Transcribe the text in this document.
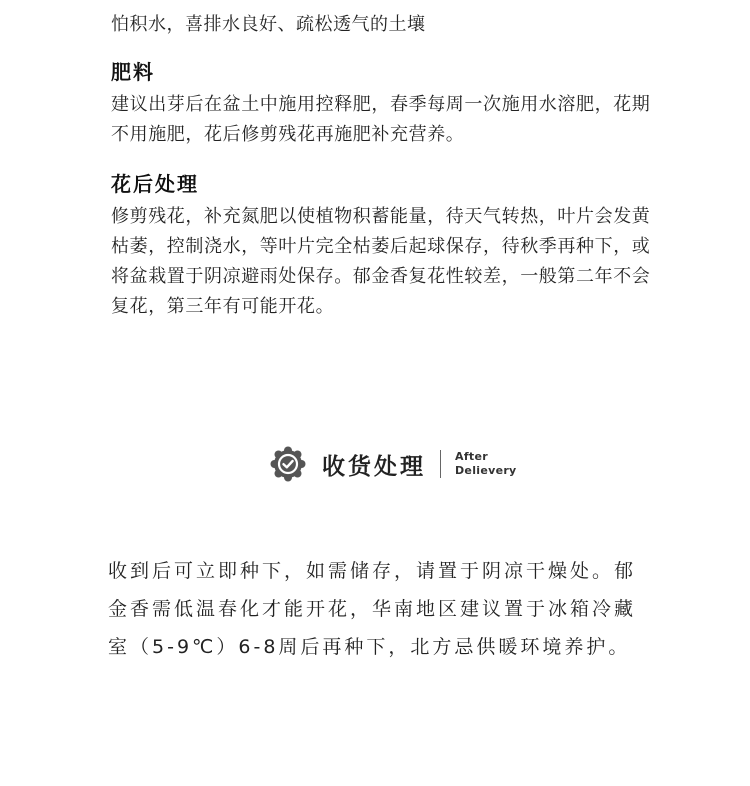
怕积水，喜排水良好、疏松透气的土壤

肥料

建议出芽后在盆土中施用控释肥，春季每周一次施用水溶肥，花期不用施肥，花后修剪残花再施肥补充营养。

花后处理

修剪残花，补充氮肥以使植物积蓄能量，待天气转热，叶片会发黄枯萎，控制浇水，等叶片完全枯萎后起球保存，待秋季再种下，或将盆栽置于阴凉避雨处保存。郁金香复花性较差，一般第二年不会复花，第三年有可能开花。

收货处理	After
Delievery

收到后可立即种下，如需储存，请置于阴凉干燥处。郁金香需低温春化才能开花，华南地区建议置于冰箱冷藏室（5-9℃）6-8周后再种下，北方忌供暖环境养护。
